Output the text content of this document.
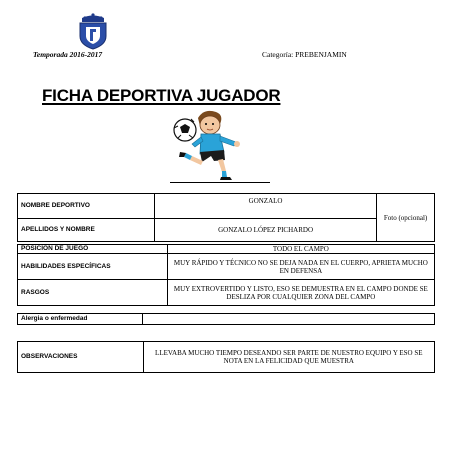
Temporada 2016-2017	Categoría: PREBENJAMIN
FICHA DEPORTIVA JUGADOR
NOMBRE DEPORTIVO	GONZALO	Foto (opcional)
APELLIDOS Y NOMBRE	GONZALO LÓPEZ PICHARDO	
POSICIÓN DE JUEGO	TODO EL CAMPO
HABILIDADES ESPECÍFICAS	MUY RÁPIDO Y TÉCNICO NO SE DEJA NADA EN EL CUERPO, APRIETA MUCHO EN DEFENSA
RASGOS	MUY EXTROVERTIDO Y LISTO, ESO SE DEMUESTRA EN EL CAMPO DONDE SE DESLIZA POR CUALQUIER ZONA DEL CAMPO
Alergia o enfermedad	
OBSERVACIONES	LLEVABA MUCHO TIEMPO DESEANDO SER PARTE DE NUESTRO EQUIPO Y ESO SE NOTA EN LA FELICIDAD QUE MUESTRA
